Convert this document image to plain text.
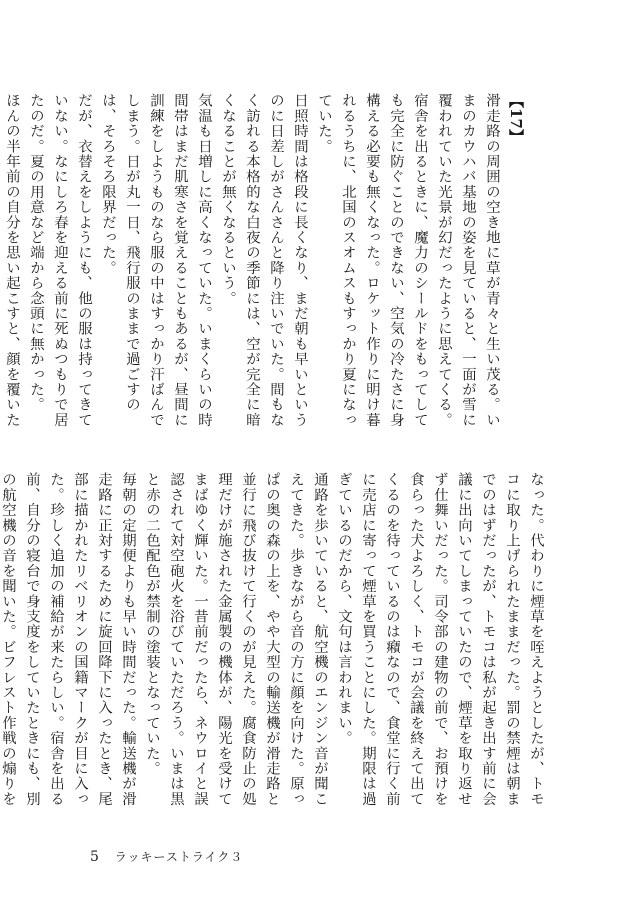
【17】
滑走路の周囲の空き地に草が青々と生い茂る。いまのカウハバ基地の姿を見ていると、一面が雪に覆われていた光景が幻だったように思えてくる。宿舎を出るときに、魔力のシールドをもってしても完全に防ぐことのできない、空気の冷たさに身構える必要も無くなった。ロケット作りに明け暮れるうちに、北国のスオムスもすっかり夏になっていた。
日照時間は格段に長くなり、まだ朝も早いというのに日差しがさんさんと降り注いでいた。間もなく訪れる本格的な白夜の季節には、空が完全に暗くなることが無くなるという。
気温も日増しに高くなっていた。いまくらいの時間帯はまだ肌寒さを覚えることもあるが、昼間に訓練をしようものなら服の中はすっかり汗ばんでしまう。日が丸一日、飛行服のままで過ごすのは、そろそろ限界だった。
だが、衣替えをしようにも、他の服は持ってきていない。なにしろ春を迎える前に死ぬつもりで居たのだ。夏の用意など端から念頭に無かった。
ほんの半年前の自分を思い起こすと、顔を覆いた
なった。代わりに煙草を咥えようとしたが、トモコに取り上げられたままだった。罰の禁煙は朝までのはずだったが、トモコは私が起き出す前に会議に出向いてしまっていたので、煙草を取り返せず仕舞いだった。司令部の建物の前で、お預けを食らった犬よろしく、トモコが会議を終えて出てくるのを待っているのは癪なので、食堂に行く前に売店に寄って煙草を買うことにした。期限は過ぎているのだから、文句は言われまい。
通路を歩いていると、航空機のエンジン音が聞こえてきた。歩きながら音の方に顔を向けた。原っぱの奥の森の上を、やや大型の輸送機が滑走路と並行に飛び抜けて行くのが見えた。腐食防止の処理だけが施された金属製の機体が、陽光を受けてまばゆく輝いた。一昔前だったら、ネウロイと誤認されて対空砲火を浴びていただろう。いまは黒と赤の二色配色が禁制の塗装となっていた。
毎朝の定期便よりも早い時間だった。輸送機が滑走路に正対するために旋回降下に入ったとき、尾部に描かれたリベリオンの国籍マークが目に入った。珍しく追加の補給が来たらしい。宿舎を出る前、自分の寝台で身支度をしていたときにも、別の航空機の音を聞いた。ビフレスト作戦の煽りを
5 ラッキーストライク３
